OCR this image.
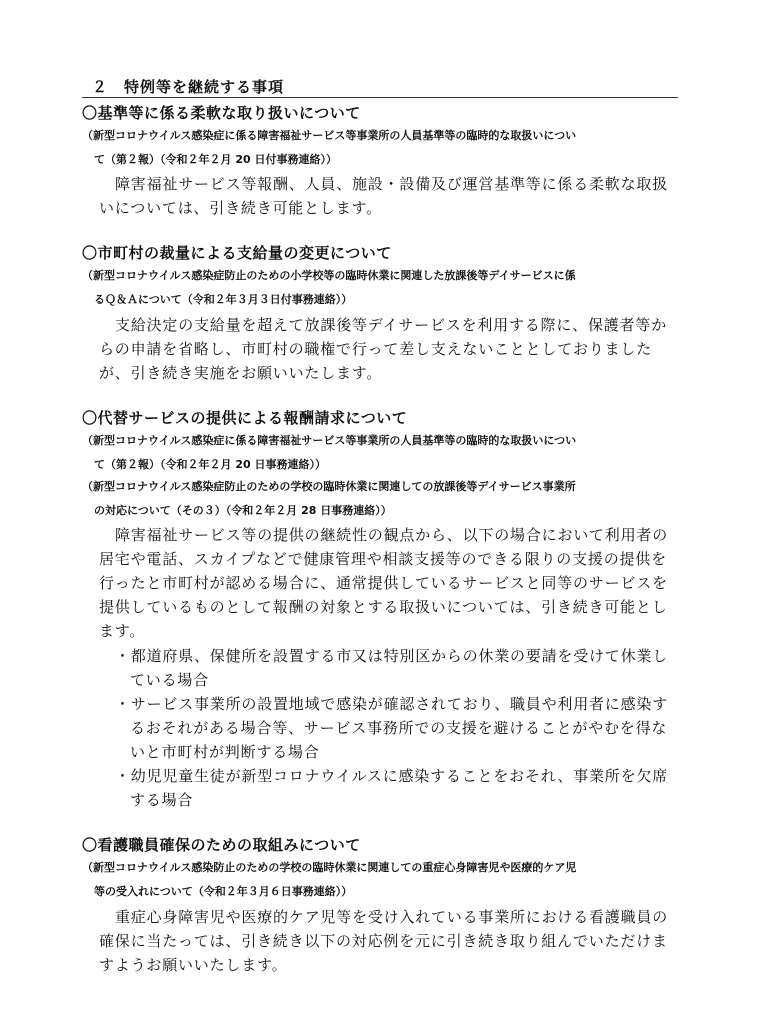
２　特例等を継続する事項
〇基準等に係る柔軟な取り扱いについて
（新型コロナウイルス感染症に係る障害福祉サービス等事業所の人員基準等の臨時的な取扱いについ
て（第２報）（令和２年２月 20 日付事務連絡））
障害福祉サービス等報酬、人員、施設・設備及び運営基準等に係る柔軟な取扱
いについては、引き続き可能とします。
〇市町村の裁量による支給量の変更について
（新型コロナウイルス感染症防止のための小学校等の臨時休業に関連した放課後等デイサービスに係
るＱ＆Ａについて（令和２年３月３日付事務連絡））
支給決定の支給量を超えて放課後等デイサービスを利用する際に、保護者等か
らの申請を省略し、市町村の職権で行って差し支えないこととしておりました
が、引き続き実施をお願いいたします。
〇代替サービスの提供による報酬請求について
（新型コロナウイルス感染症に係る障害福祉サービス等事業所の人員基準等の臨時的な取扱いについ
て（第２報）（令和２年２月 20 日事務連絡））
（新型コロナウイルス感染症防止のための学校の臨時休業に関連しての放課後等デイサービス事業所
の対応について（その３）（令和２年２月 28 日事務連絡））
障害福祉サービス等の提供の継続性の観点から、以下の場合において利用者の
居宅や電話、スカイプなどで健康管理や相談支援等のできる限りの支援の提供を
行ったと市町村が認める場合に、通常提供しているサービスと同等のサービスを
提供しているものとして報酬の対象とする取扱いについては、引き続き可能とし
ます。
・都道府県、保健所を設置する市又は特別区からの休業の要請を受けて休業し
ている場合
・サービス事業所の設置地域で感染が確認されており、職員や利用者に感染す
るおそれがある場合等、サービス事務所での支援を避けることがやむを得な
いと市町村が判断する場合
・幼児児童生徒が新型コロナウイルスに感染することをおそれ、事業所を欠席
する場合
〇看護職員確保のための取組みについて
（新型コロナウイルス感染防止のための学校の臨時休業に関連しての重症心身障害児や医療的ケア児
等の受入れについて（令和２年３月６日事務連絡））
重症心身障害児や医療的ケア児等を受け入れている事業所における看護職員の
確保に当たっては、引き続き以下の対応例を元に引き続き取り組んでいただけま
すようお願いいたします。
